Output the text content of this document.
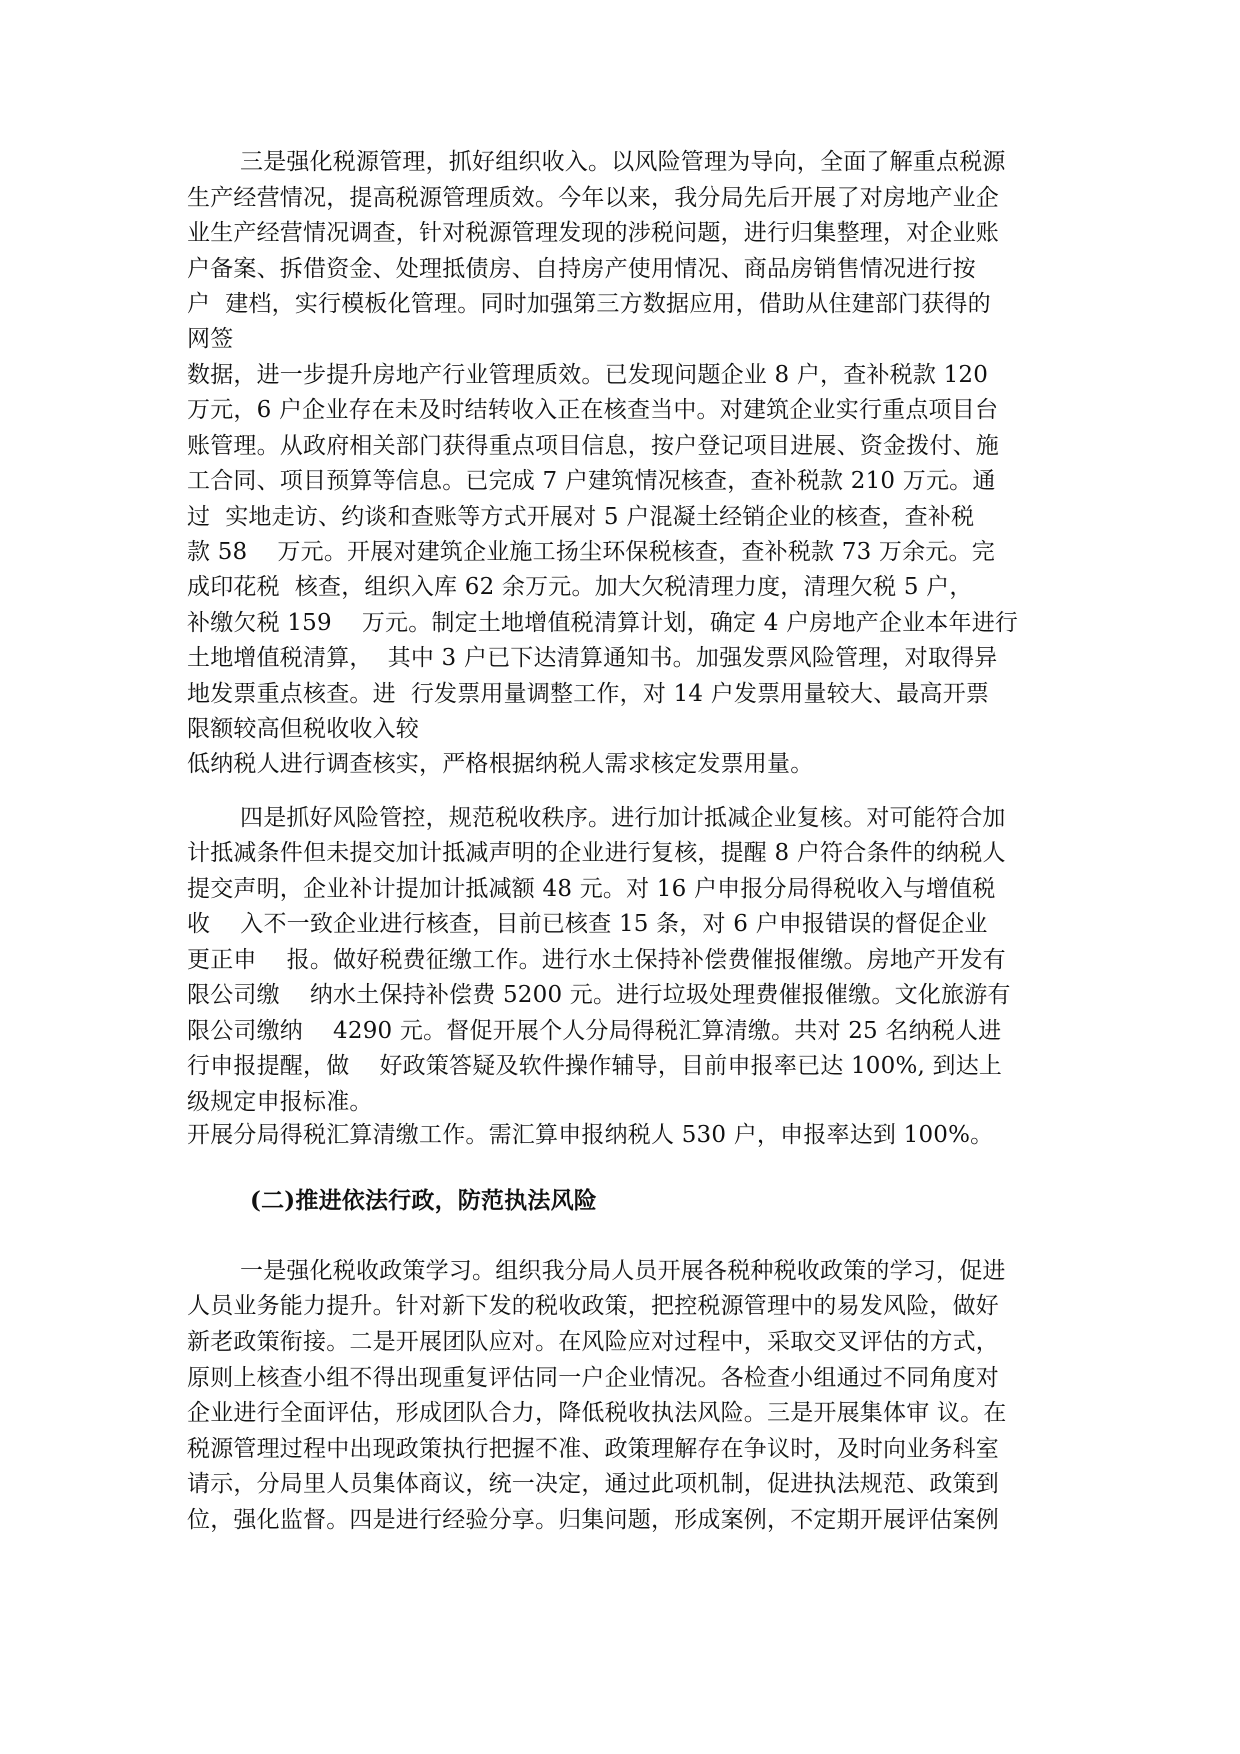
三是强化税源管理，抓好组织收入。以风险管理为导向，全面了解重点税源

生产经营情况，提高税源管理质效。今年以来，我分局先后开展了对房地产业企

业生产经营情况调查，针对税源管理发现的涉税问题，进行归集整理，对企业账

户备案、拆借资金、处理抵债房、自持房产使用情况、商品房销售情况进行按

户  建档，实行模板化管理。同时加强第三方数据应用，借助从住建部门获得的

网签

数据，进一步提升房地产行业管理质效。已发现问题企业 8 户，查补税款 120

万元，6 户企业存在未及时结转收入正在核查当中。对建筑企业实行重点项目台

账管理。从政府相关部门获得重点项目信息，按户登记项目进展、资金拨付、施

工合同、项目预算等信息。已完成 7 户建筑情况核查，查补税款 210 万元。通

过  实地走访、约谈和查账等方式开展对 5 户混凝土经销企业的核查，查补税

款 58    万元。开展对建筑企业施工扬尘环保税核查，查补税款 73 万余元。完

成印花税  核查，组织入库 62 余万元。加大欠税清理力度，清理欠税 5 户，

补缴欠税 159    万元。制定土地增值税清算计划，确定 4 户房地产企业本年进行

土地增值税清算，  其中 3 户已下达清算通知书。加强发票风险管理，对取得异

地发票重点核查。进  行发票用量调整工作，对 14 户发票用量较大、最高开票

限额较高但税收收入较

低纳税人进行调查核实，严格根据纳税人需求核定发票用量。

四是抓好风险管控，规范税收秩序。进行加计抵减企业复核。对可能符合加

计抵减条件但未提交加计抵减声明的企业进行复核，提醒 8 户符合条件的纳税人

提交声明，企业补计提加计抵减额 48 元。对 16 户申报分局得税收入与增值税

收    入不一致企业进行核查，目前已核查 15 条，对 6 户申报错误的督促企业

更正申    报。做好税费征缴工作。进行水土保持补偿费催报催缴。房地产开发有

限公司缴    纳水土保持补偿费 5200 元。进行垃圾处理费催报催缴。文化旅游有

限公司缴纳    4290 元。督促开展个人分局得税汇算清缴。共对 25 名纳税人进

行申报提醒，做    好政策答疑及软件操作辅导，目前申报率已达 100%, 到达上

级规定申报标准。

开展分局得税汇算清缴工作。需汇算申报纳税人 530 户，申报率达到 100%。

(二)推进依法行政，防范执法风险

一是强化税收政策学习。组织我分局人员开展各税种税收政策的学习，促进

人员业务能力提升。针对新下发的税收政策，把控税源管理中的易发风险，做好

新老政策衔接。二是开展团队应对。在风险应对过程中，采取交叉评估的方式，

原则上核查小组不得出现重复评估同一户企业情况。各检查小组通过不同角度对

企业进行全面评估，形成团队合力，降低税收执法风险。三是开展集体审 议。在

税源管理过程中出现政策执行把握不准、政策理解存在争议时，及时向业务科室

请示，分局里人员集体商议，统一决定，通过此项机制，促进执法规范、政策到

位，强化监督。四是进行经验分享。归集问题，形成案例，不定期开展评估案例
